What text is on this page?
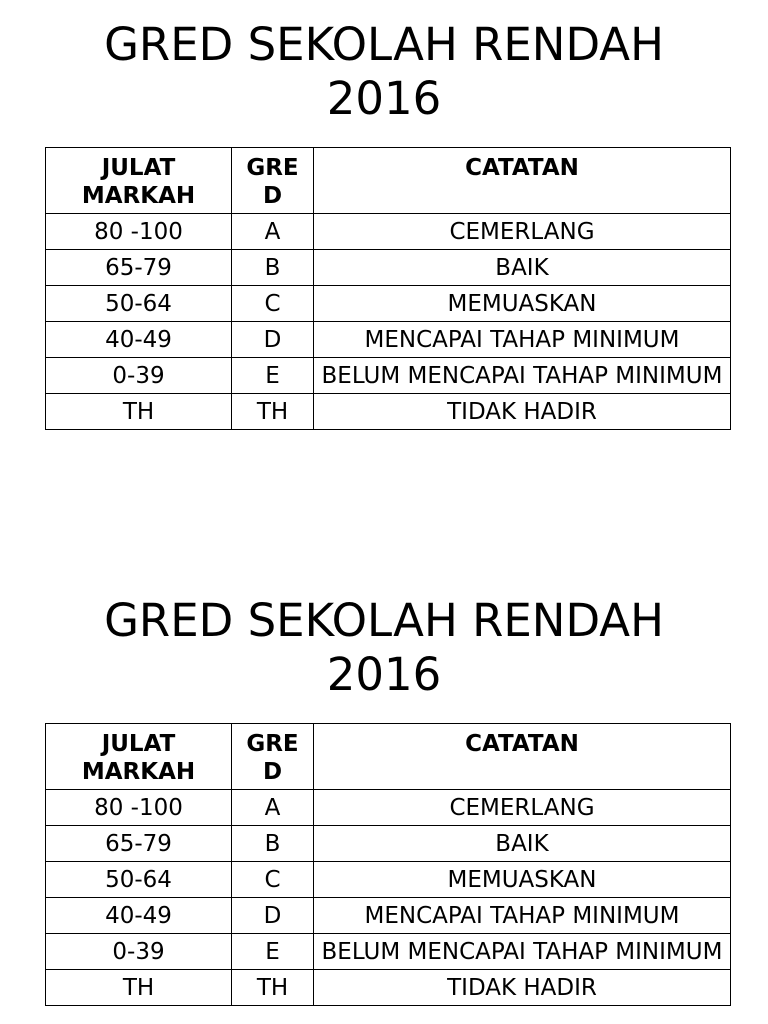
GRED SEKOLAH RENDAH
2016
JULAT MARKAH	GRE D	CATATAN
80 -100	A	CEMERLANG
65-79	B	BAIK
50-64	C	MEMUASKAN
40-49	D	MENCAPAI TAHAP MINIMUM
0-39	E	BELUM MENCAPAI TAHAP MINIMUM
TH	TH	TIDAK HADIR
GRED SEKOLAH RENDAH
2016
JULAT MARKAH	GRE D	CATATAN
80 -100	A	CEMERLANG
65-79	B	BAIK
50-64	C	MEMUASKAN
40-49	D	MENCAPAI TAHAP MINIMUM
0-39	E	BELUM MENCAPAI TAHAP MINIMUM
TH	TH	TIDAK HADIR
